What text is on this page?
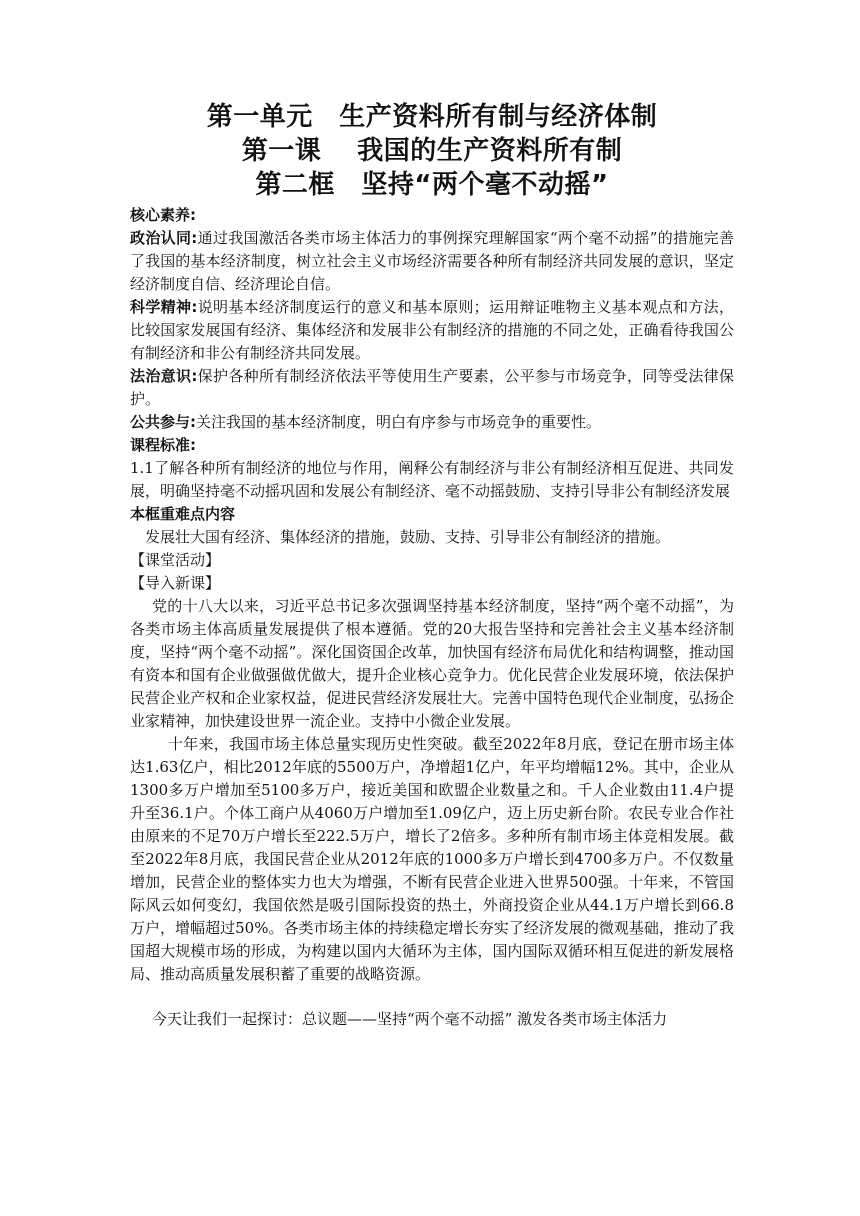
第一单元　生产资料所有制与经济体制
第一课　 我国的生产资料所有制
第二框　坚持“两个毫不动摇”
核心素养:

政治认同:通过我国激活各类市场主体活力的事例探究理解国家“两个毫不动摇”的措施完善了我国的基本经济制度，树立社会主义市场经济需要各种所有制经济共同发展的意识，坚定经济制度自信、经济理论自信。

科学精神:说明基本经济制度运行的意义和基本原则；运用辩证唯物主义基本观点和方法，比较国家发展国有经济、集体经济和发展非公有制经济的措施的不同之处，正确看待我国公有制经济和非公有制经济共同发展。

法治意识:保护各种所有制经济依法平等使用生产要素，公平参与市场竞争，同等受法律保护。

公共参与:关注我国的基本经济制度，明白有序参与市场竞争的重要性。

课程标准:

1.1了解各种所有制经济的地位与作用，阐释公有制经济与非公有制经济相互促进、共同发展，明确坚持毫不动摇巩固和发展公有制经济、毫不动摇鼓励、支持引导非公有制经济发展

本框重难点内容

发展壮大国有经济、集体经济的措施，鼓励、支持、引导非公有制经济的措施。

【课堂活动】

【导入新课】

党的十八大以来，习近平总书记多次强调坚持基本经济制度，坚持“两个毫不动摇”，为各类市场主体高质量发展提供了根本遵循。党的20大报告坚持和完善社会主义基本经济制度，坚持“两个毫不动摇”。深化国资国企改革，加快国有经济布局优化和结构调整，推动国有资本和国有企业做强做优做大，提升企业核心竞争力。优化民营企业发展环境，依法保护民营企业产权和企业家权益，促进民营经济发展壮大。完善中国特色现代企业制度，弘扬企业家精神，加快建设世界一流企业。支持中小微企业发展。

十年来，我国市场主体总量实现历史性突破。截至2022年8月底，登记在册市场主体达1.63亿户，相比2012年底的5500万户，净增超1亿户，年平均增幅12%。其中，企业从1300多万户增加至5100多万户，接近美国和欧盟企业数量之和。千人企业数由11.4户提升至36.1户。个体工商户从4060万户增加至1.09亿户，迈上历史新台阶。农民专业合作社由原来的不足70万户增长至222.5万户，增长了2倍多。多种所有制市场主体竞相发展。截至2022年8月底，我国民营企业从2012年底的1000多万户增长到4700多万户。不仅数量增加，民营企业的整体实力也大为增强，不断有民营企业进入世界500强。十年来，不管国际风云如何变幻，我国依然是吸引国际投资的热土，外商投资企业从44.1万户增长到66.8万户，增幅超过50%。各类市场主体的持续稳定增长夯实了经济发展的微观基础，推动了我国超大规模市场的形成，为构建以国内大循环为主体，国内国际双循环相互促进的新发展格局、推动高质量发展积蓄了重要的战略资源。

今天让我们一起探讨：总议题——坚持“两个毫不动摇” 激发各类市场主体活力
